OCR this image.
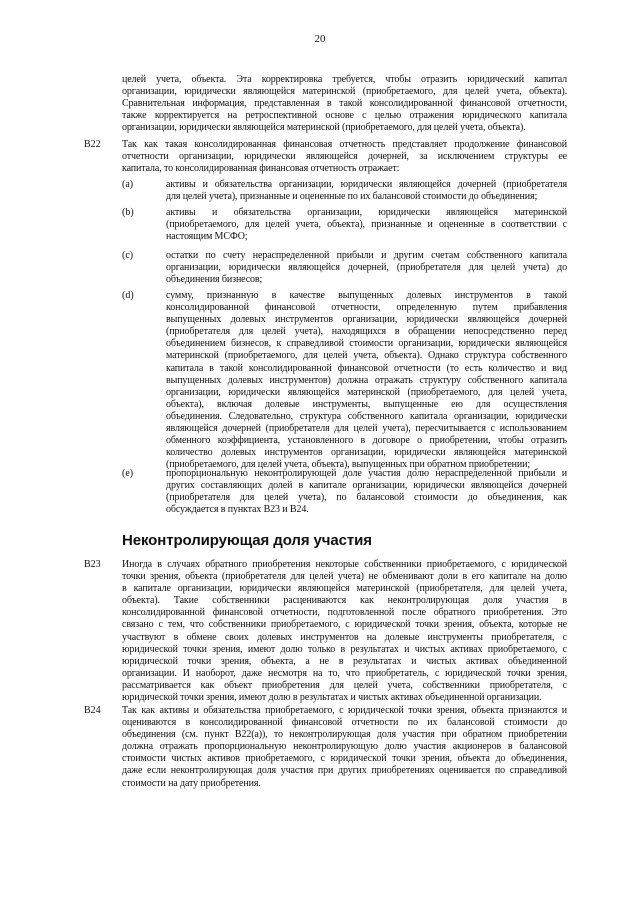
20
целей учета, объекта. Эта корректировка требуется, чтобы отразить юридический капитал
организации, юридически являющейся материнской (приобретаемого, для целей учета, объекта).
Сравнительная информация, представленная в такой консолидированной финансовой отчетности,
также корректируется на ретроспективной основе с целью отражения юридического капитала
организации, юридически являющейся материнской (приобретаемого, для целей учета, объекта).
В22 Так как такая консолидированная финансовая отчетность представляет продолжение финансовой
отчетности организации, юридически являющейся дочерней, за исключением структуры ее
капитала, то консолидированная финансовая отчетность отражает:
(a)	активы и обязательства организации, юридически являющейся дочерней (приобретателя
для целей учета), признанные и оцененные по их балансовой стоимости до объединения;
(b)	активы и обязательства организации, юридически являющейся материнской
(приобретаемого, для целей учета, объекта), признанные и оцененные в соответствии с
настоящим МСФО;
(c)	остатки по счету нераспределенной прибыли и другим счетам собственного капитала
организации, юридически являющейся дочерней, (приобретателя для целей учета) до
объединения бизнесов;
(d)	сумму, признанную в качестве выпущенных долевых инструментов в такой
консолидированной финансовой отчетности, определенную путем прибавления
выпущенных долевых инструментов организации, юридически являющейся дочерней
(приобретателя для целей учета), находящихся в обращении непосредственно перед
объединением бизнесов, к справедливой стоимости организации, юридически являющейся
материнской (приобретаемого, для целей учета, объекта). Однако структура собственного
капитала в такой консолидированной финансовой отчетности (то есть количество и вид
выпущенных долевых инструментов) должна отражать структуру собственного капитала
организации, юридически являющейся материнской (приобретаемого, для целей учета,
объекта), включая долевые инструменты, выпущенные ею для осуществления
объединения. Следовательно, структура собственного капитала организации, юридически
являющейся дочерней (приобретателя для целей учета), пересчитывается с использованием
обменного коэффициента, установленного в договоре о приобретении, чтобы отразить
количество долевых инструментов организации, юридически являющейся материнской
(приобретаемого, для целей учета, объекта), выпущенных при обратном приобретении;
(e)	пропорциональную неконтролирующей доле участия долю нераспределенной прибыли и
других составляющих долей в капитале организации, юридически являющейся дочерней
(приобретателя для целей учета), по балансовой стоимости до объединения, как
обсуждается в пунктах В23 и В24.
Неконтролирующая доля участия
В23 Иногда в случаях обратного приобретения некоторые собственники приобретаемого, с юридической
точки зрения, объекта (приобретателя для целей учета) не обменивают доли в его капитале на долю
в капитале организации, юридически являющейся материнской (приобретателя, для целей учета,
объекта). Такие собственники расцениваются как неконтролирующая доля участия в
консолидированной финансовой отчетности, подготовленной после обратного приобретения. Это
связано с тем, что собственники приобретаемого, с юридической точки зрения, объекта, которые не
участвуют в обмене своих долевых инструментов на долевые инструменты приобретателя, с
юридической точки зрения, имеют долю только в результатах и чистых активах приобретаемого, с
юридической точки зрения, объекта, а не в результатах и чистых активах объединенной
организации. И наоборот, даже несмотря на то, что приобретатель, с юридической точки зрения,
рассматривается как объект приобретения для целей учета, собственники приобретателя, с
юридической точки зрения, имеют долю в результатах и чистых активах объединенной организации.
В24 Так как активы и обязательства приобретаемого, с юридической точки зрения, объекта признаются и
оцениваются в консолидированной финансовой отчетности по их балансовой стоимости до
объединения (см. пункт В22(a)), то неконтролирующая доля участия при обратном приобретении
должна отражать пропорциональную неконтролирующую долю участия акционеров в балансовой
стоимости чистых активов приобретаемого, с юридической точки зрения, объекта до объединения,
даже если неконтролирующая доля участия при других приобретениях оценивается по справедливой
стоимости на дату приобретения.
